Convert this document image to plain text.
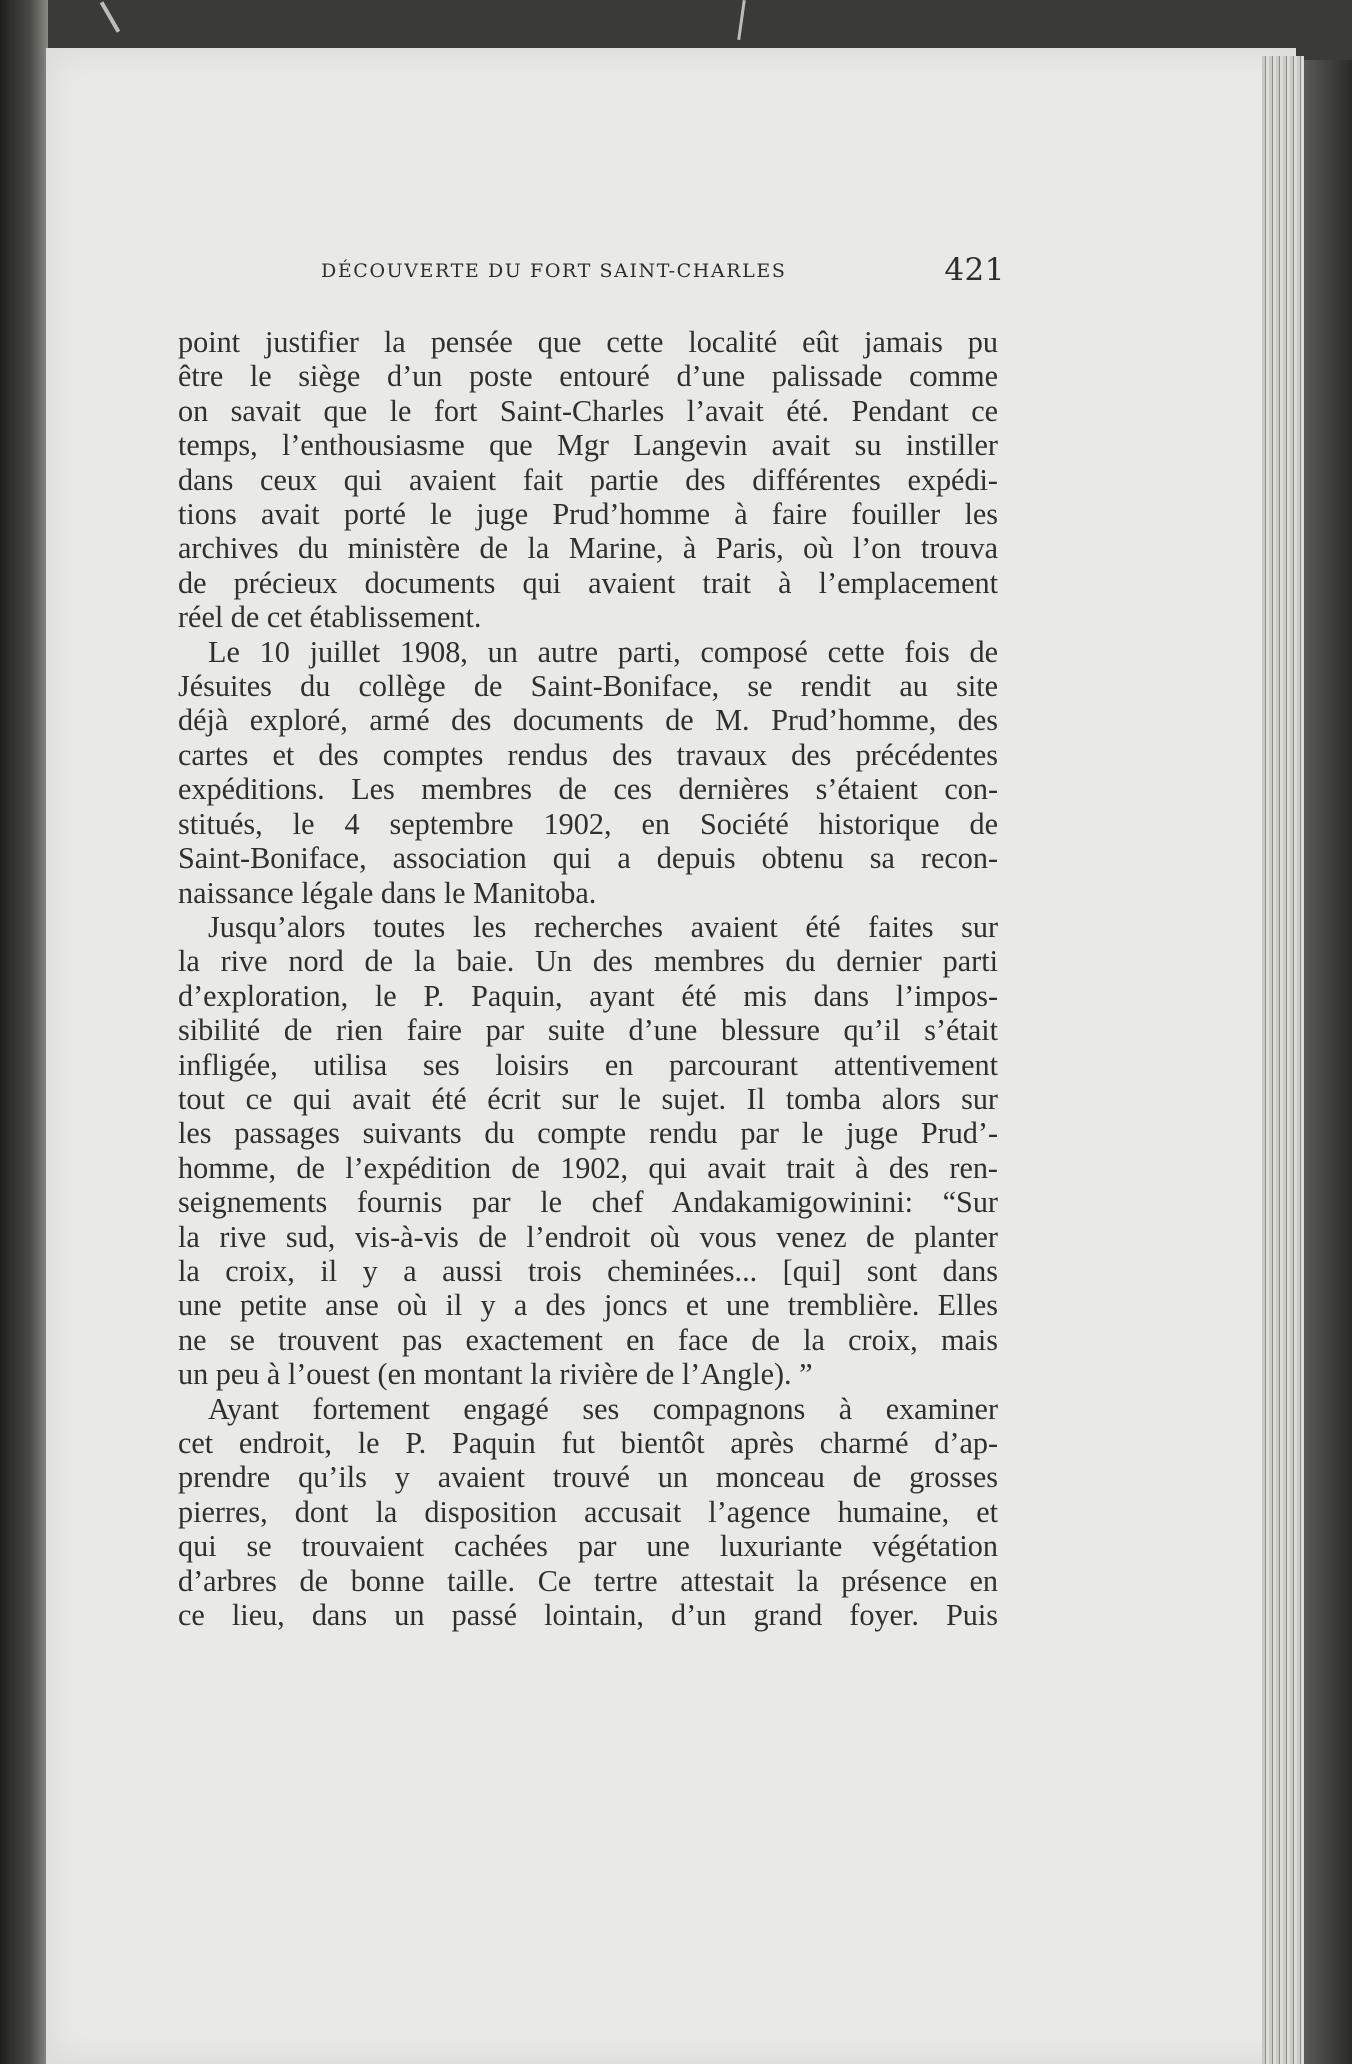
DÉCOUVERTE DU FORT SAINT-CHARLES	421

point justifier la pensée que cette localité eût jamais pu
être le siège d’un poste entouré d’une palissade comme
on savait que le fort Saint-Charles l’avait été. Pendant ce
temps, l’enthousiasme que Mgr Langevin avait su instiller
dans ceux qui avaient fait partie des différentes expédi-
tions avait porté le juge Prud’homme à faire fouiller les
archives du ministère de la Marine, à Paris, où l’on trouva
de précieux documents qui avaient trait à l’emplacement
réel de cet établissement.

Le 10 juillet 1908, un autre parti, composé cette fois de
Jésuites du collège de Saint-Boniface, se rendit au site
déjà exploré, armé des documents de M. Prud’homme, des
cartes et des comptes rendus des travaux des précédentes
expéditions. Les membres de ces dernières s’étaient con-
stitués, le 4 septembre 1902, en Société historique de
Saint-Boniface, association qui a depuis obtenu sa recon-
naissance légale dans le Manitoba.

Jusqu’alors toutes les recherches avaient été faites sur
la rive nord de la baie. Un des membres du dernier parti
d’exploration, le P. Paquin, ayant été mis dans l’impos-
sibilité de rien faire par suite d’une blessure qu’il s’était
infligée, utilisa ses loisirs en parcourant attentivement
tout ce qui avait été écrit sur le sujet. Il tomba alors sur
les passages suivants du compte rendu par le juge Prud’-
homme, de l’expédition de 1902, qui avait trait à des ren-
seignements fournis par le chef Andakamigowinini: “Sur
la rive sud, vis-à-vis de l’endroit où vous venez de planter
la croix, il y a aussi trois cheminées... [qui] sont dans
une petite anse où il y a des joncs et une tremblière. Elles
ne se trouvent pas exactement en face de la croix, mais
un peu à l’ouest (en montant la rivière de l’Angle). ”

Ayant fortement engagé ses compagnons à examiner
cet endroit, le P. Paquin fut bientôt après charmé d’ap-
prendre qu’ils y avaient trouvé un monceau de grosses
pierres, dont la disposition accusait l’agence humaine, et
qui se trouvaient cachées par une luxuriante végétation
d’arbres de bonne taille. Ce tertre attestait la présence en
ce lieu, dans un passé lointain, d’un grand foyer. Puis
